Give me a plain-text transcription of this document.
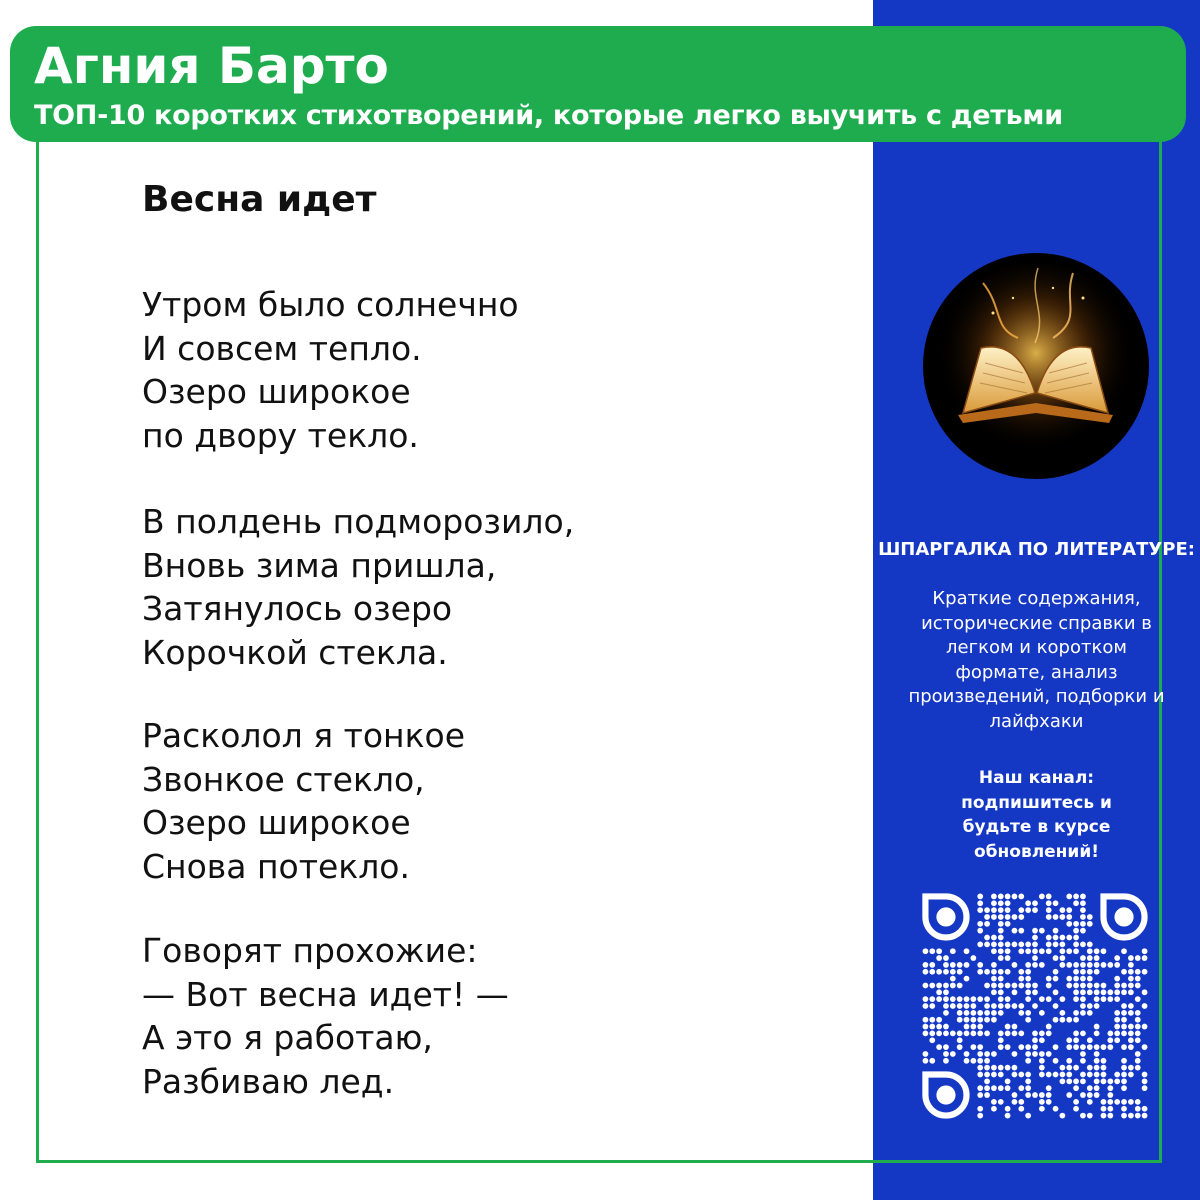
Агния Барто
ТОП-10 коротких стихотворений, которые легко выучить с детьми
Весна идет
Утром было солнечно
И совсем тепло.
Озеро широкое
по двору текло.
В полдень подморозило,
Вновь зима пришла,
Затянулось озеро
Корочкой стекла.
Расколол я тонкое
Звонкое стекло,
Озеро широкое
Снова потекло.
Говорят прохожие:
— Вот весна идет! —
А это я работаю,
Разбиваю лед.
ШПАРГАЛКА ПО ЛИТЕРАТУРЕ:
Краткие содержания, исторические справки в легком и коротком формате, анализ произведений, подборки и лайфхаки
Наш канал: подпишитесь и будьте в курсе обновлений!
